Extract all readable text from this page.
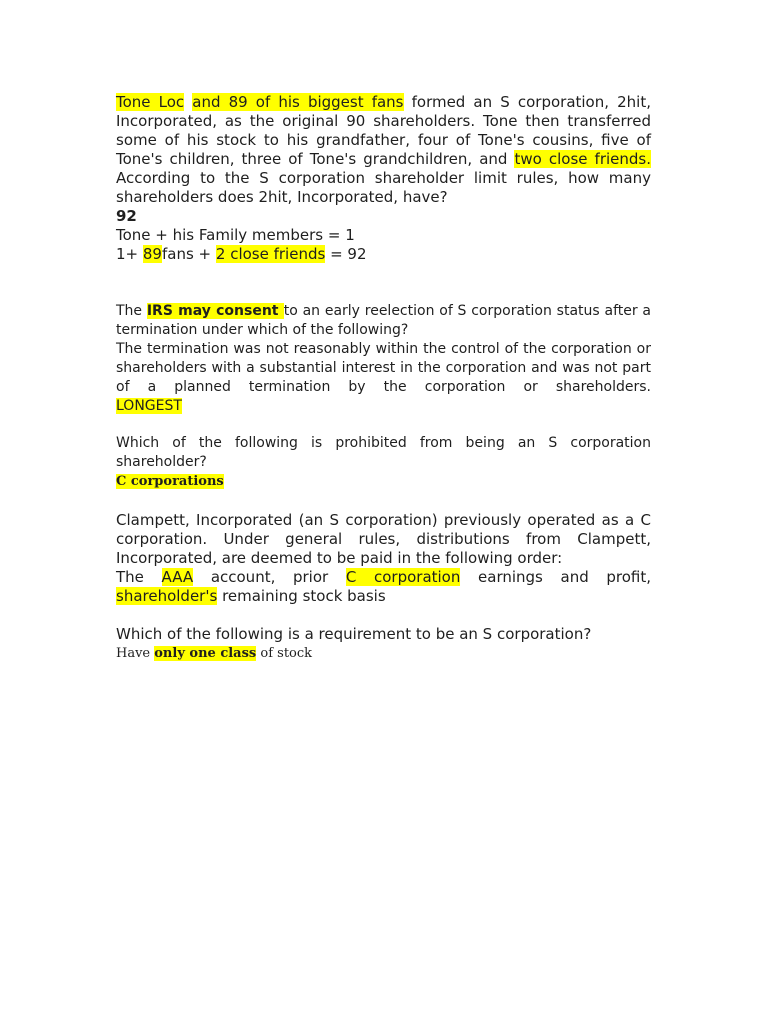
Tone Loc and 89 of his biggest fans formed an S corporation, 2hit, Incorporated, as the original 90 shareholders. Tone then transferred some of his stock to his grandfather, four of Tone's cousins, five of Tone's children, three of Tone's grandchildren, and two close friends. According to the S corporation shareholder limit rules, how many shareholders does 2hit, Incorporated, have?

92

Tone + his Family members = 1

1+ 89fans + 2 close friends = 92

The IRS may consent to an early reelection of S corporation status after a termination under which of the following?

The termination was not reasonably within the control of the corporation or shareholders with a substantial interest in the corporation and was not part of a planned termination by the corporation or shareholders.

LONGEST

Which of the following is prohibited from being an S corporation shareholder?

C corporations

Clampett, Incorporated (an S corporation) previously operated as a C corporation. Under general rules, distributions from Clampett, Incorporated, are deemed to be paid in the following order:

The AAA account, prior C corporation earnings and profit,

shareholder's remaining stock basis

Which of the following is a requirement to be an S corporation?

Have only one class of stock
